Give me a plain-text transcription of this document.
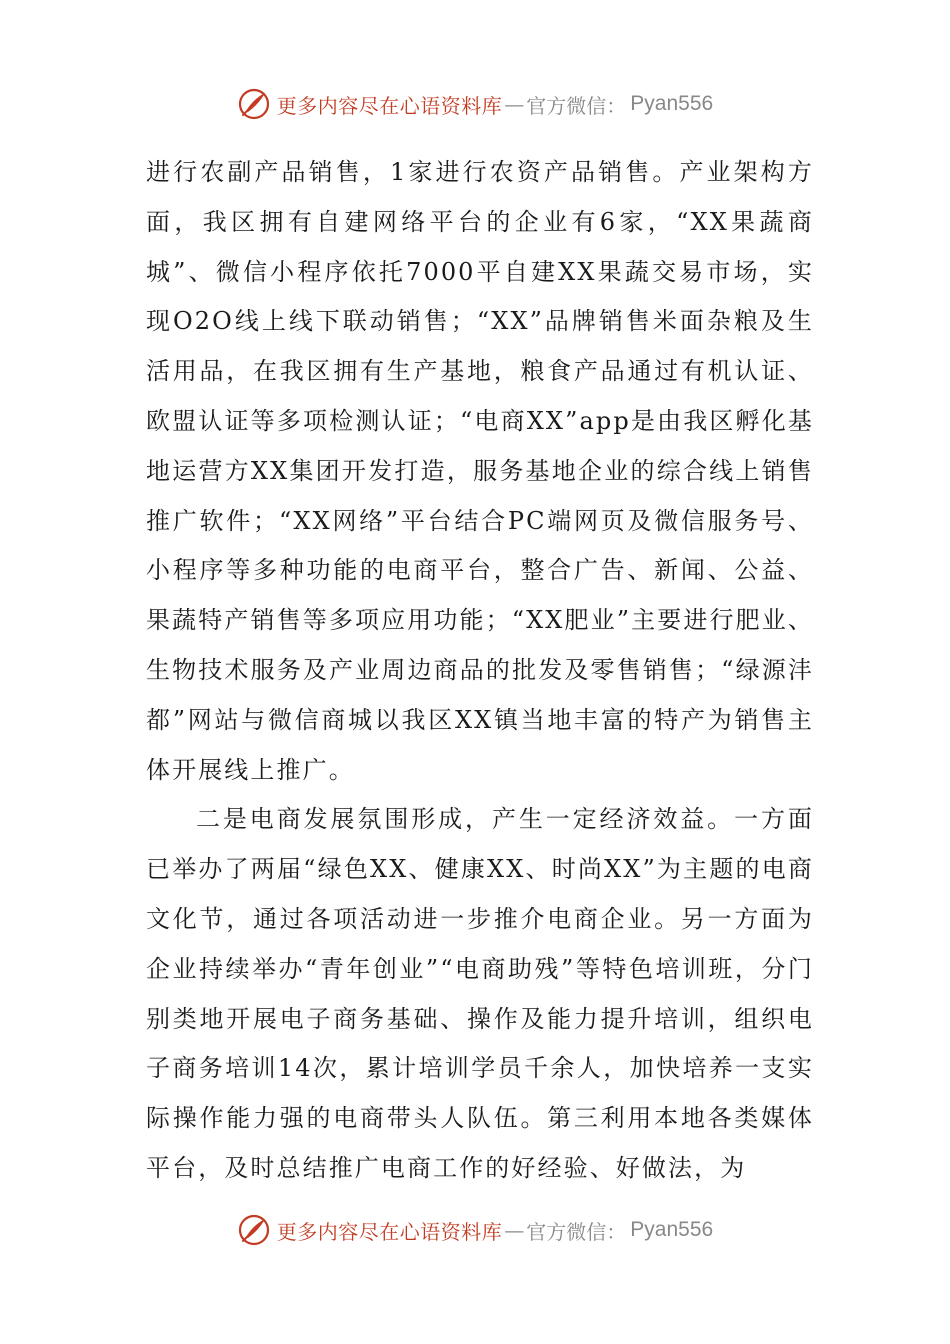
更多内容尽在心语资料库 — 官方微信： Pyan556

进行农副产品销售，1家进行农资产品销售。产业架构方面，我区拥有自建网络平台的企业有6家，“XX果蔬商城”、微信小程序依托7000平自建XX果蔬交易市场，实现O2O线上线下联动销售；“XX”品牌销售米面杂粮及生活用品，在我区拥有生产基地，粮食产品通过有机认证、欧盟认证等多项检测认证；“电商XX”app是由我区孵化基地运营方XX集团开发打造，服务基地企业的综合线上销售推广软件；“XX网络”平台结合PC端网页及微信服务号、小程序等多种功能的电商平台，整合广告、新闻、公益、果蔬特产销售等多项应用功能；“XX肥业”主要进行肥业、生物技术服务及产业周边商品的批发及零售销售；“绿源沣都”网站与微信商城以我区XX镇当地丰富的特产为销售主体开展线上推广。

二是电商发展氛围形成，产生一定经济效益。一方面已举办了两届“绿色XX、健康XX、时尚XX”为主题的电商文化节，通过各项活动进一步推介电商企业。另一方面为企业持续举办“青年创业”“电商助残”等特色培训班，分门别类地开展电子商务基础、操作及能力提升培训，组织电子商务培训14次，累计培训学员千余人，加快培养一支实际操作能力强的电商带头人队伍。第三利用本地各类媒体平台，及时总结推广电商工作的好经验、好做法，为

更多内容尽在心语资料库 — 官方微信： Pyan556
